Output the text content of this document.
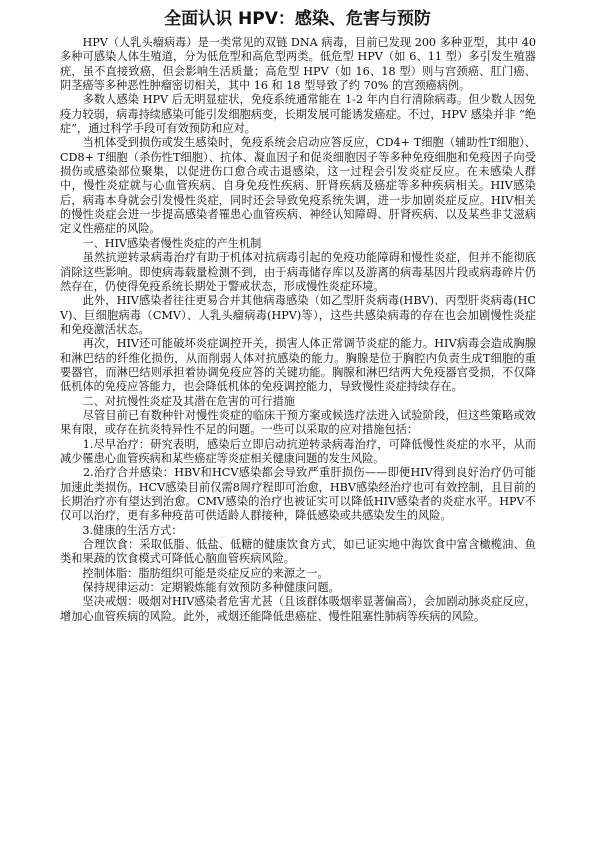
全面认识 HPV：感染、危害与预防

　　HPV（人乳头瘤病毒）是一类常见的双链 DNA 病毒，目前已发现 200 多种亚型，其中 40 多种可感染人体生殖道，分为低危型和高危型两类。低危型 HPV（如 6、11 型）多引发生殖器疣，虽不直接致癌，但会影响生活质量；高危型 HPV（如 16、18 型）则与宫颈癌、肛门癌、阴茎癌等多种恶性肿瘤密切相关，其中 16 和 18 型导致了约 70% 的宫颈癌病例。

　　多数人感染 HPV 后无明显症状，免疫系统通常能在 1-2 年内自行清除病毒。但少数人因免疫力较弱，病毒持续感染可能引发细胞病变，长期发展可能诱发癌症。不过，HPV 感染并非 “绝症”，通过科学手段可有效预防和应对。

　　当机体受到损伤或发生感染时，免疫系统会启动应答反应，CD4+ T细胞（辅助性T细胞）、CD8+ T细胞（杀伤性T细胞）、抗体、凝血因子和促炎细胞因子等多种免疫细胞和免疫因子向受损伤或感染部位聚集，以促进伤口愈合或击退感染，这一过程会引发炎症反应。在未感染人群中，慢性炎症就与心血管疾病、自身免疫性疾病、肝肾疾病及癌症等多种疾病相关。HIV感染后，病毒本身就会引发慢性炎症，同时还会导致免疫系统失调，进一步加剧炎症反应。HIV相关的慢性炎症会进一步提高感染者罹患心血管疾病、神经认知障碍、肝肾疾病、以及某些非艾滋病定义性癌症的风险。

　　一、HIV感染者慢性炎症的产生机制

　　虽然抗逆转录病毒治疗有助于机体对抗病毒引起的免疫功能障碍和慢性炎症，但并不能彻底消除这些影响。即使病毒载量检测不到，由于病毒储存库以及游离的病毒基因片段或病毒碎片仍然存在，仍使得免疫系统长期处于警戒状态，形成慢性炎症环境。

　　此外，HIV感染者往往更易合并其他病毒感染（如乙型肝炎病毒(HBV)、丙型肝炎病毒(HCV)、巨细胞病毒（CMV）、人乳头瘤病毒(HPV)等），这些共感染病毒的存在也会加剧慢性炎症和免疫激活状态。

　　再次，HIV还可能破坏炎症调控开关，损害人体正常调节炎症的能力。HIV病毒会造成胸腺和淋巴结的纤维化损伤，从而削弱人体对抗感染的能力。胸腺是位于胸腔内负责生成T细胞的重要器官，而淋巴结则承担着协调免疫应答的关键功能。胸腺和淋巴结两大免疫器官受损，不仅降低机体的免疫应答能力，也会降低机体的免疫调控能力，导致慢性炎症持续存在。

　　二、对抗慢性炎症及其潜在危害的可行措施

　　尽管目前已有数种针对慢性炎症的临床干预方案或候选疗法进入试验阶段，但这些策略或效果有限，或存在抗炎特异性不足的问题。一些可以采取的应对措施包括：

　　1.尽早治疗：研究表明，感染后立即启动抗逆转录病毒治疗，可降低慢性炎症的水平，从而减少罹患心血管疾病和某些癌症等炎症相关健康问题的发生风险。

　　2.治疗合并感染：HBV和HCV感染都会导致严重肝损伤——即便HIV得到良好治疗仍可能加速此类损伤。HCV感染目前仅需8周疗程即可治愈，HBV感染经治疗也可有效控制，且目前的长期治疗亦有望达到治愈。CMV感染的治疗也被证实可以降低HIV感染者的炎症水平。HPV不仅可以治疗，更有多种疫苗可供适龄人群接种，降低感染或共感染发生的风险。

　　3.健康的生活方式：

　　合理饮食：采取低脂、低盐、低糖的健康饮食方式，如已证实地中海饮食中富含橄榄油、鱼类和果蔬的饮食模式可降低心脑血管疾病风险。

　　控制体脂：脂肪组织可能是炎症反应的来源之一。

　　保持规律运动：定期锻炼能有效预防多种健康问题。

　　坚决戒烟：吸烟对HIV感染者危害尤甚（且该群体吸烟率显著偏高），会加剧动脉炎症反应，增加心血管疾病的风险。此外，戒烟还能降低患癌症、慢性阻塞性肺病等疾病的风险。
